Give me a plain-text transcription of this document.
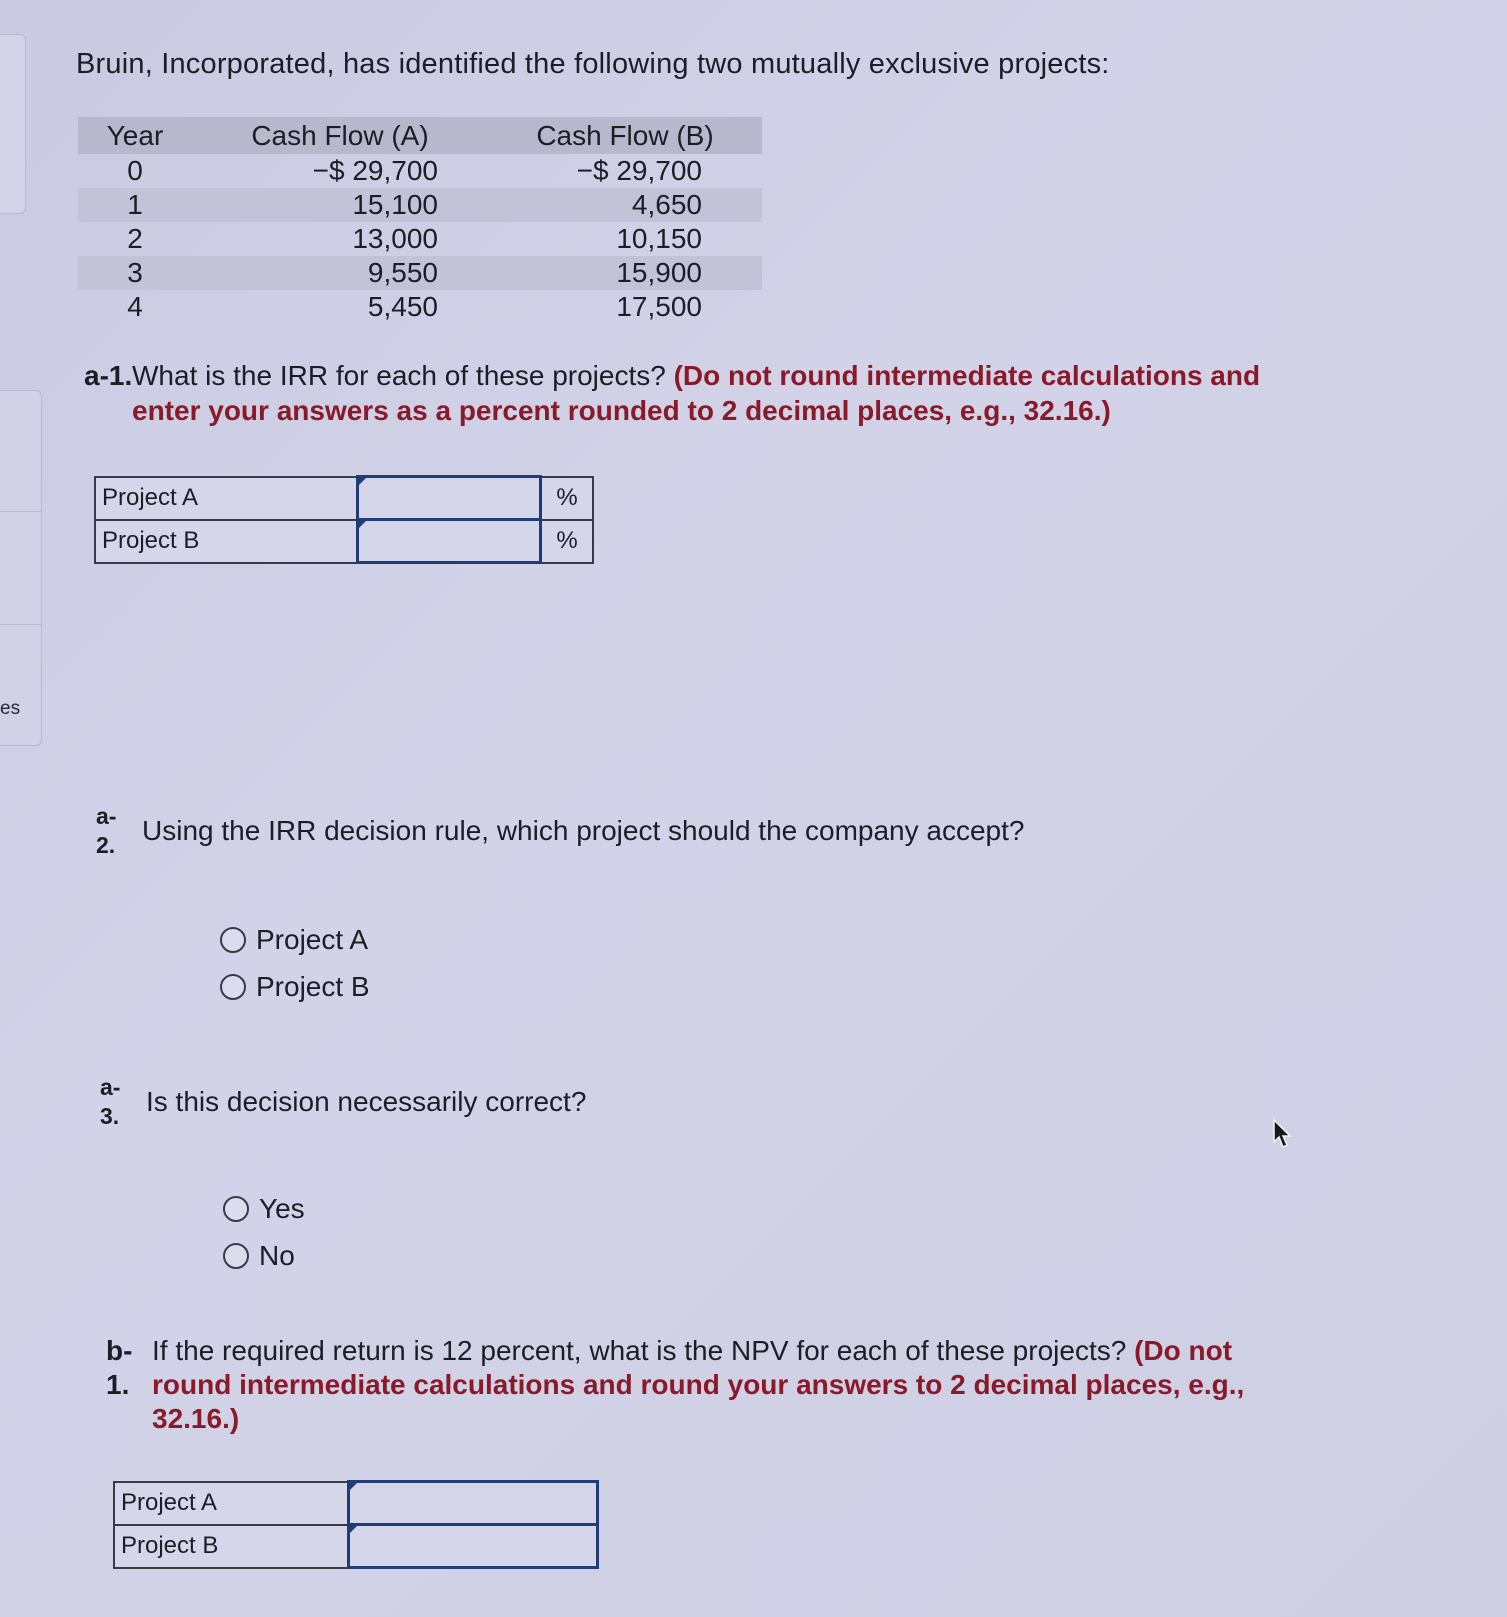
es
Bruin, Incorporated, has identified the following two mutually exclusive projects:
Year	Cash Flow (A)	Cash Flow (B)
0	−$ 29,700	−$ 29,700
1	15,100	4,650
2	13,000	10,150
3	9,550	15,900
4	5,450	17,500
a-1. What is the IRR for each of these projects? (Do not round intermediate calculations and enter your answers as a percent rounded to 2 decimal places, e.g., 32.16.)
Project A		%
Project B		%
a-
2. Using the IRR decision rule, which project should the company accept?
Project A
Project B
a-
3. Is this decision necessarily correct?
Yes
No
b-
1.
If the required return is 12 percent, what is the NPV for each of these projects? (Do not round intermediate calculations and round your answers to 2 decimal places, e.g., 32.16.)
Project A	
Project B	
